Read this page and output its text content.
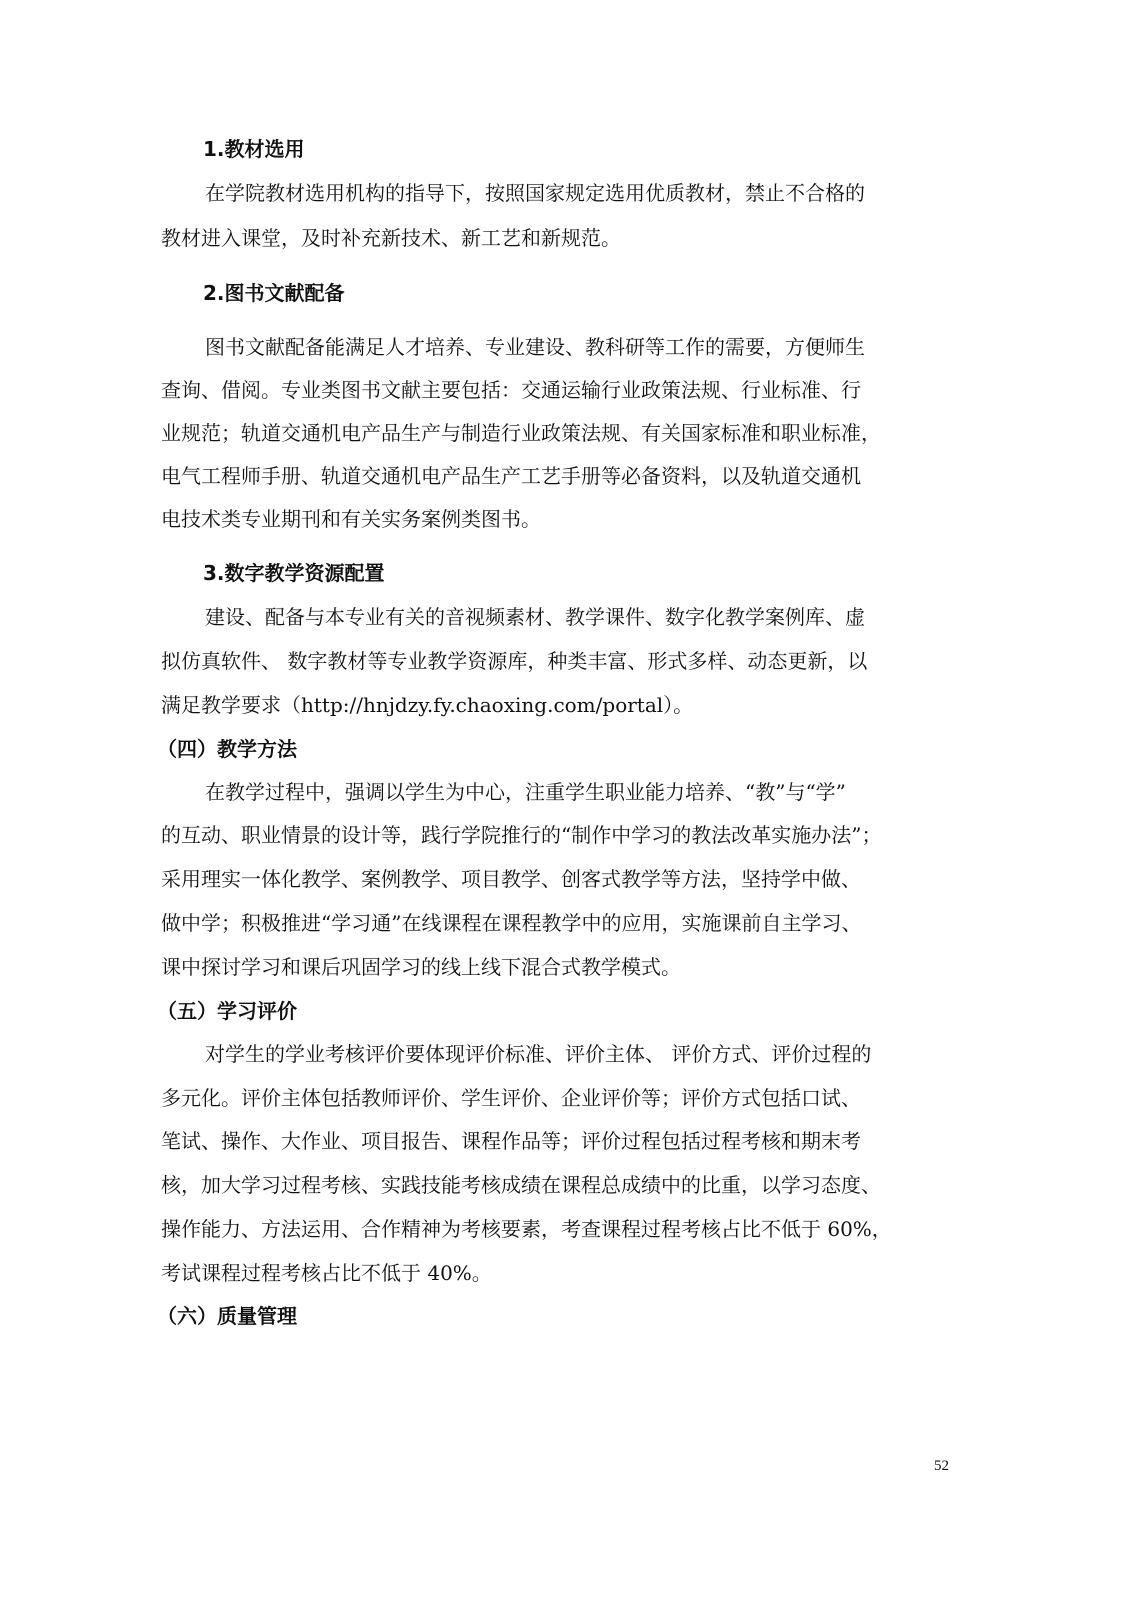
1.教材选用
在学院教材选用机构的指导下，按照国家规定选用优质教材，禁止不合格的
教材进入课堂，及时补充新技术、新工艺和新规范。
2.图书文献配备
图书文献配备能满足人才培养、专业建设、教科研等工作的需要，方便师生
查询、借阅。专业类图书文献主要包括：交通运输行业政策法规、行业标准、行
业规范；轨道交通机电产品生产与制造行业政策法规、有关国家标准和职业标准，
电气工程师手册、轨道交通机电产品生产工艺手册等必备资料，以及轨道交通机
电技术类专业期刊和有关实务案例类图书。
3.数字教学资源配置
建设、配备与本专业有关的音视频素材、教学课件、数字化教学案例库、虚
拟仿真软件、 数字教材等专业教学资源库，种类丰富、形式多样、动态更新，以
满足教学要求（http://hnjdzy.fy.chaoxing.com/portal）。
（四）教学方法
在教学过程中，强调以学生为中心，注重学生职业能力培养、“教”与“学”
的互动、职业情景的设计等，践行学院推行的“制作中学习的教法改革实施办法”；
采用理实一体化教学、案例教学、项目教学、创客式教学等方法，坚持学中做、
做中学；积极推进“学习通”在线课程在课程教学中的应用，实施课前自主学习、
课中探讨学习和课后巩固学习的线上线下混合式教学模式。
（五）学习评价
对学生的学业考核评价要体现评价标准、评价主体、 评价方式、评价过程的
多元化。评价主体包括教师评价、学生评价、企业评价等；评价方式包括口试、
笔试、操作、大作业、项目报告、课程作品等；评价过程包括过程考核和期末考
核，加大学习过程考核、实践技能考核成绩在课程总成绩中的比重，以学习态度、
操作能力、方法运用、合作精神为考核要素，考查课程过程考核占比不低于 60%，
考试课程过程考核占比不低于 40%。
（六）质量管理
52
